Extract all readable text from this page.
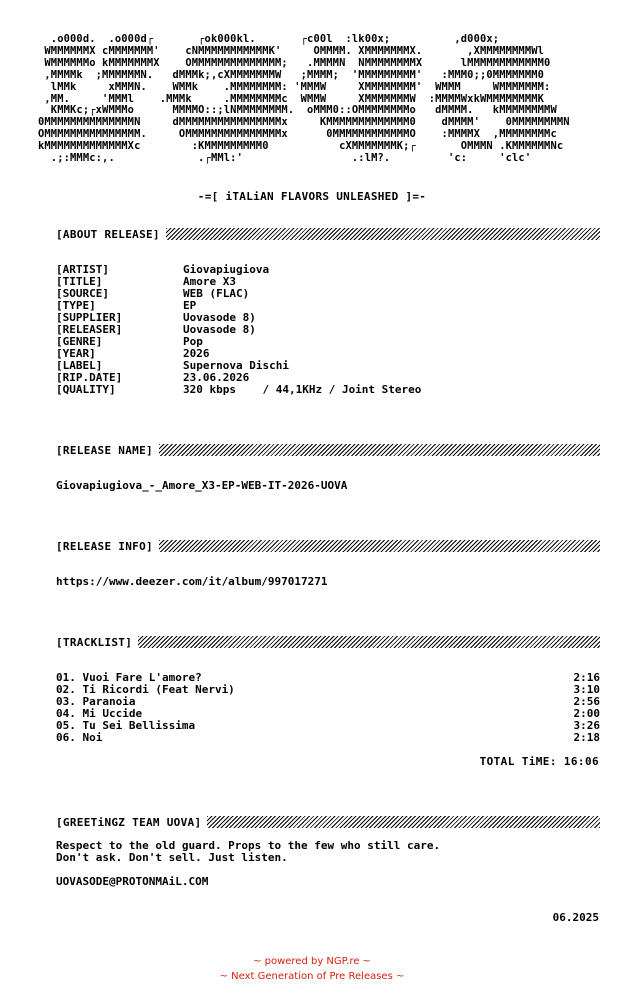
.o000d.  .o000d┌       ┌ok000kl.       ┌c00l  :lk00x;          ,d000x;
WMMMMMMX cMMMMMMM'    cNMMMMMMMMMMMK'     OMMMM. XMMMMMMMX.       ,XMMMMMMMMWl
WMMMMMMo kMMMMMMMX    OMMMMMMMMMMMMMM;   .MMMMN  NMMMMMMMMX      lMMMMMMMMMMMM0
,MMMMk  ;MMMMMMN.   dMMMk;,cXMMMMMMMW   ;MMMM;  'MMMMMMMMM'   :MMM0;;0MMMMMMM0
lMMk     xMMMN.    WMMk    .MMMMMMMM: 'MMMW     XMMMMMMMM'  WMMM     WMMMMMMM:
,MM.     'MMMl    .MMMk     .MMMMMMMMc  WMMW     XMMMMMMMW  :MMMMWxkWMMMMMMMMK
KMMKc;┌xWMMMo      MMMMO::;lNMMMMMMMM.  oMMM0::OMMMMMMMMo   dMMMM.   kMMMMMMMMW
0MMMMMMMMMMMMMMN     dMMMMMMMMMMMMMMMMx     KMMMMMMMMMMMMM0    dMMMM'    0MMMMMMMMN
OMMMMMMMMMMMMMMM.     OMMMMMMMMMMMMMMMx      0MMMMMMMMMMMMO    :MMMMX  ,MMMMMMMMc
kMMMMMMMMMMMMMXc        :KMMMMMMMMM0           cXMMMMMMMK;┌       OMMMN .KMMMMMMNc
.;:MMMc:,.             .┌MMl:'                 .:lM?.         'c:     'clc'
-=[ iTALiAN FLAVORS UNLEASHED ]=-
[ABOUT RELEASE]
[ARTIST]	Giovapiugiova
[TITLE]	Amore X3
[SOURCE]	WEB (FLAC)
[TYPE]	EP
[SUPPLIER]	Uovasode 8)
[RELEASER]	Uovasode 8)
[GENRE]	Pop
[YEAR]	2026
[LABEL]	Supernova Dischi
[RIP.DATE]	23.06.2026
[QUALITY]	320 kbps    / 44,1KHz / Joint Stereo
[RELEASE NAME]
Giovapiugiova_-_Amore_X3-EP-WEB-IT-2026-UOVA
[RELEASE INFO]
https://www.deezer.com/it/album/997017271
[TRACKLIST]
01. Vuoi Fare L'amore?	2:16
02. Ti Ricordi (Feat Nervi)	3:10
03. Paranoia	2:56
04. Mi Uccide	2:00
05. Tu Sei Bellissima	3:26
06. Noi	2:18
TOTAL TiME: 16:06
[GREETiNGZ TEAM UOVA]
Respect to the old guard. Props to the few who still care.
Don't ask. Don't sell. Just listen.
UOVASODE@PROTONMAiL.COM
06.2025
~ powered by NGP.re ~
~ Next Generation of Pre Releases ~
